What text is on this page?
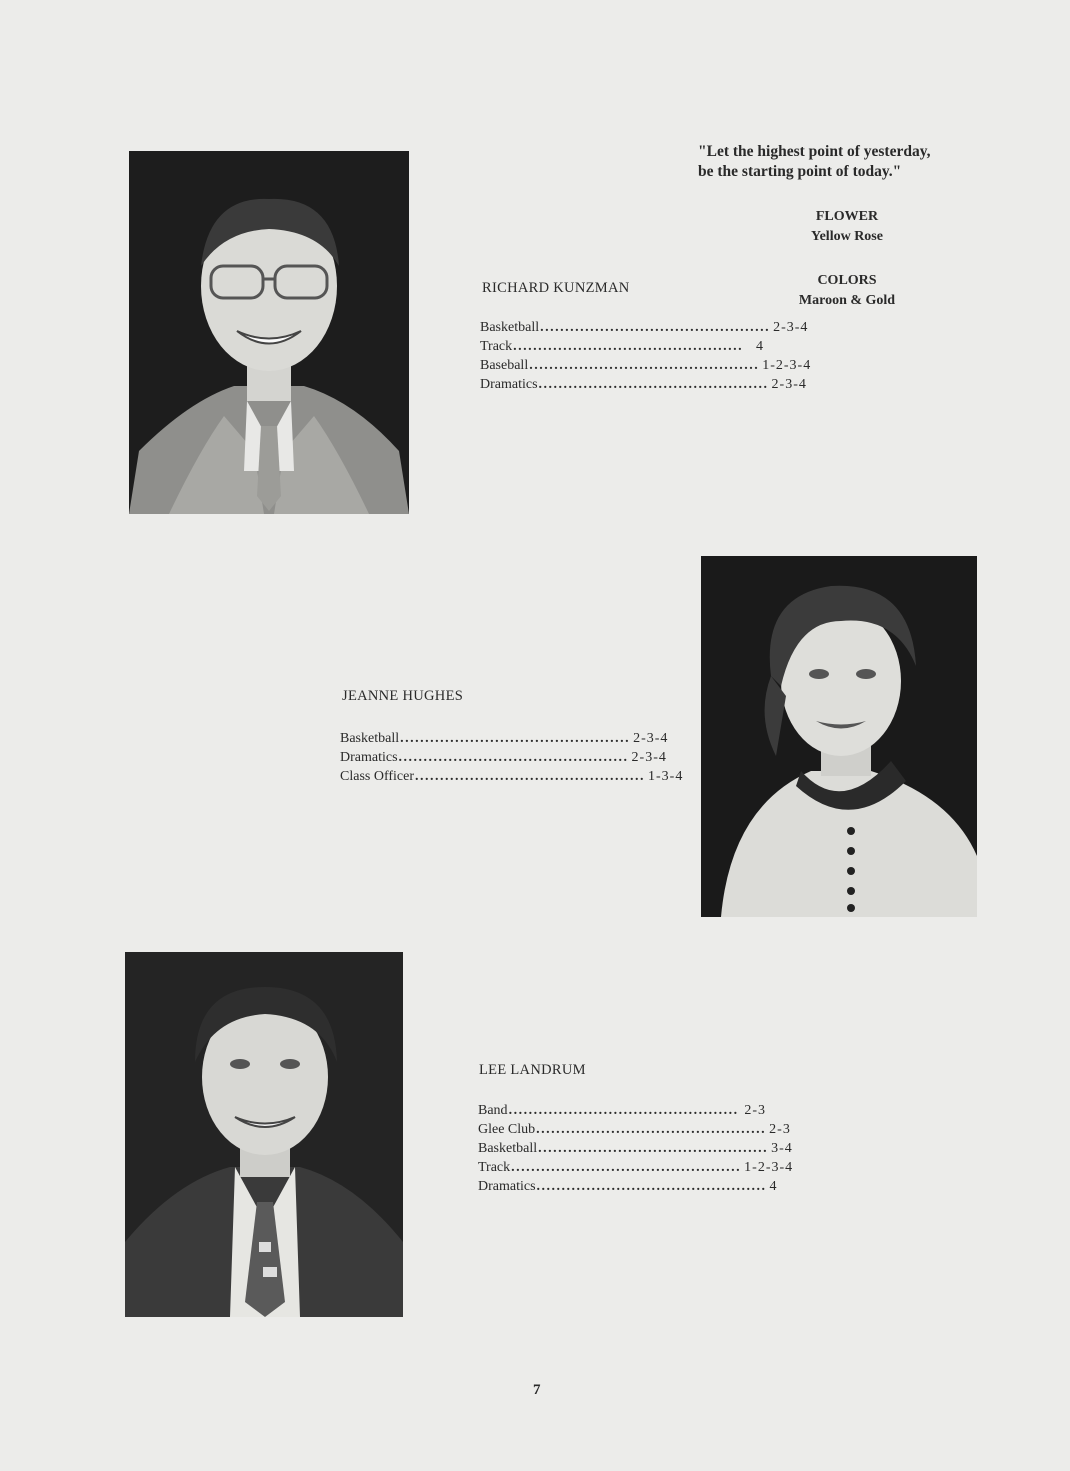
"Let the highest point of yesterday,
be the starting point of today."
FLOWER
Yellow Rose
COLORS
Maroon & Gold
RICHARD KUNZMAN
Basketball .............................................. 2-3-4
Track .............................................. 4
Baseball .............................................. 1-2-3-4
Dramatics .............................................. 2-3-4
JEANNE HUGHES
Basketball .............................................. 2-3-4
Dramatics .............................................. 2-3-4
Class Officer .............................................. 1-3-4
LEE LANDRUM
Band .............................................. 2-3
Glee Club .............................................. 2-3
Basketball .............................................. 3-4
Track .............................................. 1-2-3-4
Dramatics .............................................. 4
7
